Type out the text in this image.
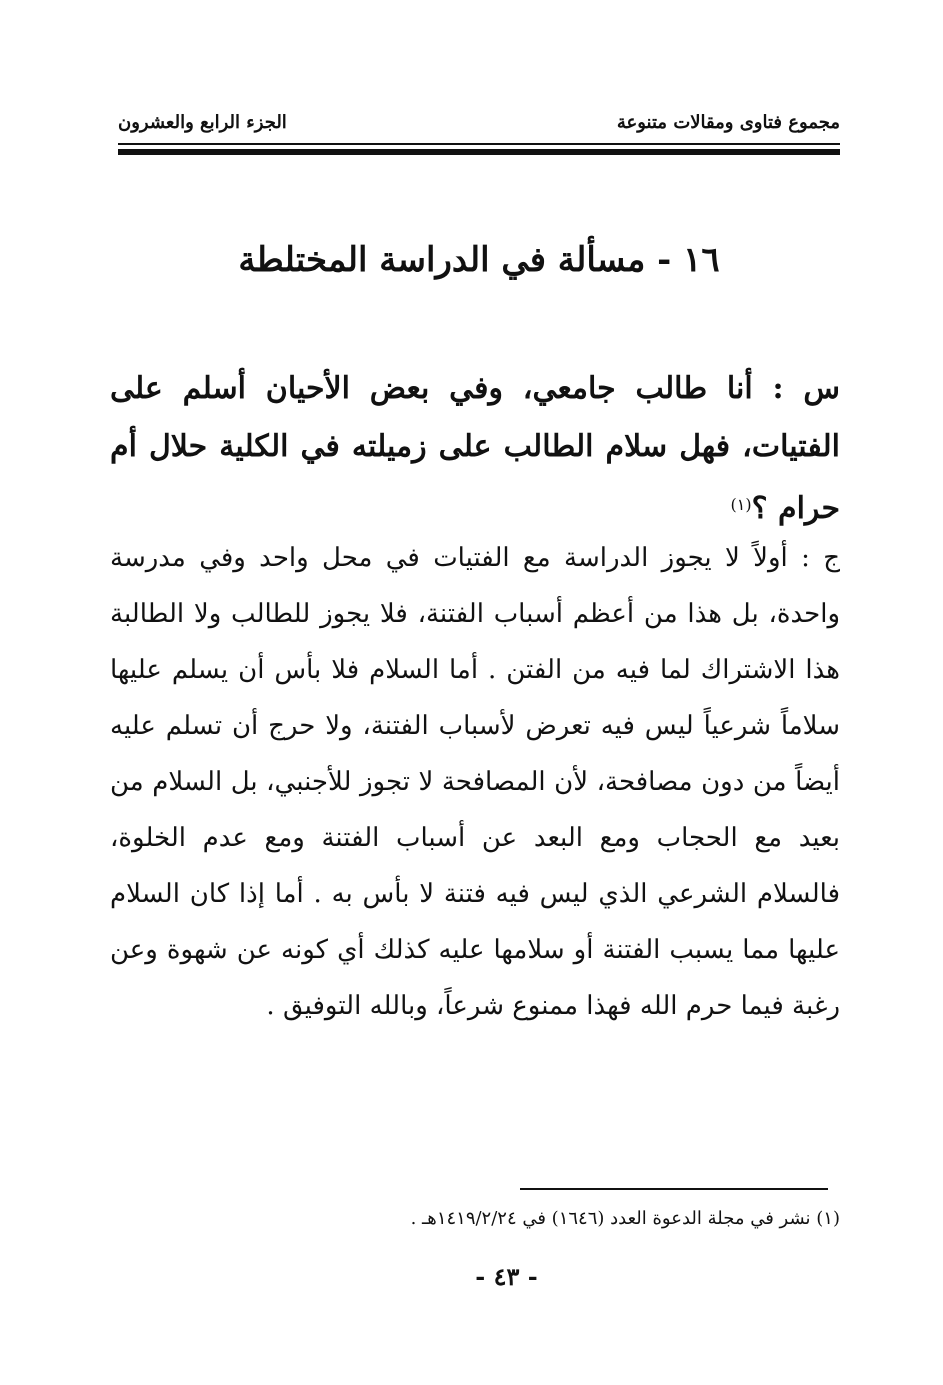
مجموع فتاوى ومقالات متنوعة
الجزء الرابع والعشرون
١٦ - مسألة في الدراسة المختلطة
س : أنا طالب جامعي، وفي بعض الأحيان أسلم على الفتيات، فهل سلام الطالب على زميلته في الكلية حلال أم حرام ؟$^{(١)}$
ج : أولاً لا يجوز الدراسة مع الفتيات في محل واحد وفي مدرسة واحدة، بل هذا من أعظم أسباب الفتنة، فلا يجوز للطالب ولا الطالبة هذا الاشتراك لما فيه من الفتن . أما السلام فلا بأس أن يسلم عليها سلاماً شرعياً ليس فيه تعرض لأسباب الفتنة، ولا حرج أن تسلم عليه أيضاً من دون مصافحة، لأن المصافحة لا تجوز للأجنبي، بل السلام من بعيد مع الحجاب ومع البعد عن أسباب الفتنة ومع عدم الخلوة، فالسلام الشرعي الذي ليس فيه فتنة لا بأس به . أما إذا كان السلام عليها مما يسبب الفتنة أو سلامها عليه كذلك أي كونه عن شهوة وعن رغبة فيما حرم الله فهذا ممنوع شرعاً، وبالله التوفيق .
(١) نشر في مجلة الدعوة العدد (١٦٤٦) في ١٤١٩/٢/٢٤هـ .
- ٤٣ -
